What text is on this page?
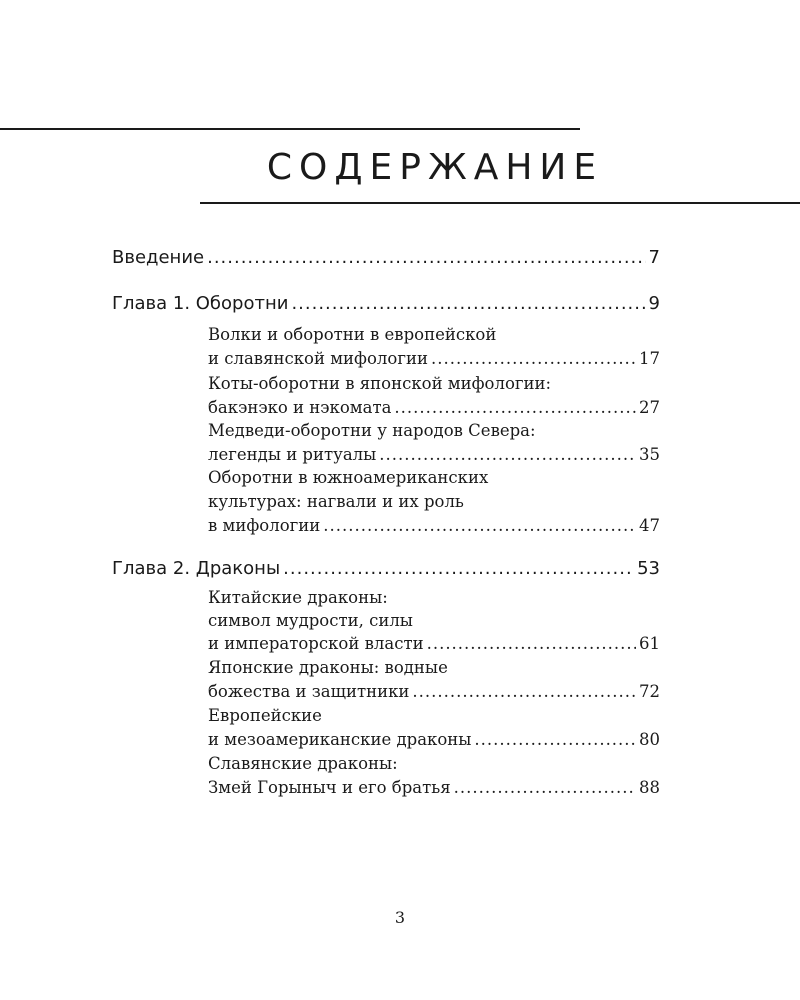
СОДЕРЖАНИЕ
Введение .....	7
Глава 1. Оборотни .....	9
Волки и оборотни в европейской
и славянской мифологии .....	17
Коты-оборотни в японской мифологии:
бакэнэко и нэкомата .....	27
Медведи-оборотни у народов Севера:
легенды и ритуалы .....	35
Оборотни в южноамериканских
культурах: нагвали и их роль
в мифологии .....	47
Глава 2. Драконы .....	53
Китайские драконы:
символ мудрости, силы
и императорской власти .....	61
Японские драконы: водные
божества и защитники .....	72
Европейские
и мезоамериканские драконы .....	80
Славянские драконы:
Змей Горыныч и его братья .....	88
3
